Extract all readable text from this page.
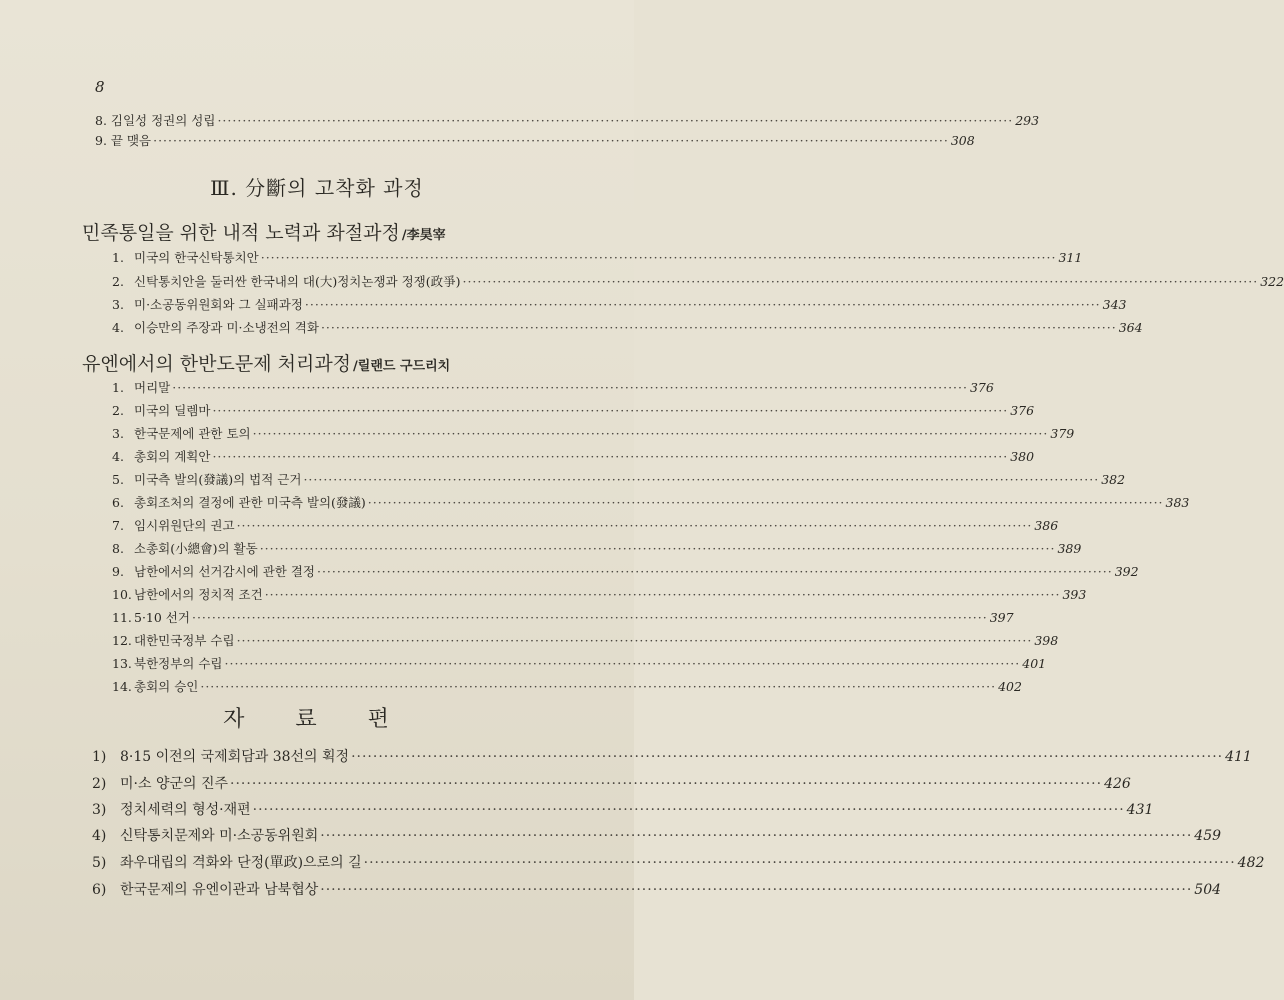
8
8. 김일성 정권의 성립 ································································································································································ 293
9. 끝 맺음 ································································································································································ 308
Ⅲ. 分斷의 고착화 과정
민족통일을 위한 내적 노력과 좌절과정 /李昊宰
1. 미국의 한국신탁통치안 ································································································································································ 311
2. 신탁통치안을 둘러싼 한국내의 대(大)정치논쟁과 정쟁(政爭) ································································································································································ 322
3. 미·소공동위원회와 그 실패과정 ································································································································································ 343
4. 이승만의 주장과 미·소냉전의 격화 ································································································································································ 364
유엔에서의 한반도문제 처리과정 /릴랜드 구드리치
1. 머리말 ································································································································································ 376
2. 미국의 딜렘마 ································································································································································ 376
3. 한국문제에 관한 토의 ································································································································································ 379
4. 총회의 계획안 ································································································································································ 380
5. 미국측 발의(發議)의 법적 근거 ································································································································································ 382
6. 총회조처의 결정에 관한 미국측 발의(發議) ································································································································································ 383
7. 임시위원단의 권고 ································································································································································ 386
8. 소총회(小總會)의 활동 ································································································································································ 389
9. 남한에서의 선거감시에 관한 결정 ································································································································································ 392
10. 남한에서의 정치적 조건 ································································································································································ 393
11. 5·10 선거 ································································································································································ 397
12. 대한민국정부 수립 ································································································································································ 398
13. 북한정부의 수립 ································································································································································ 401
14. 총회의 승인 ································································································································································ 402
자 료 편
1) 8·15 이전의 국제회담과 38선의 획정 ································································································································································ 411
2) 미·소 양군의 진주 ································································································································································ 426
3) 정치세력의 형성·재편 ································································································································································ 431
4) 신탁통치문제와 미·소공동위원회 ································································································································································ 459
5) 좌우대립의 격화와 단정(單政)으로의 길 ································································································································································ 482
6) 한국문제의 유엔이관과 남북협상 ································································································································································ 504
